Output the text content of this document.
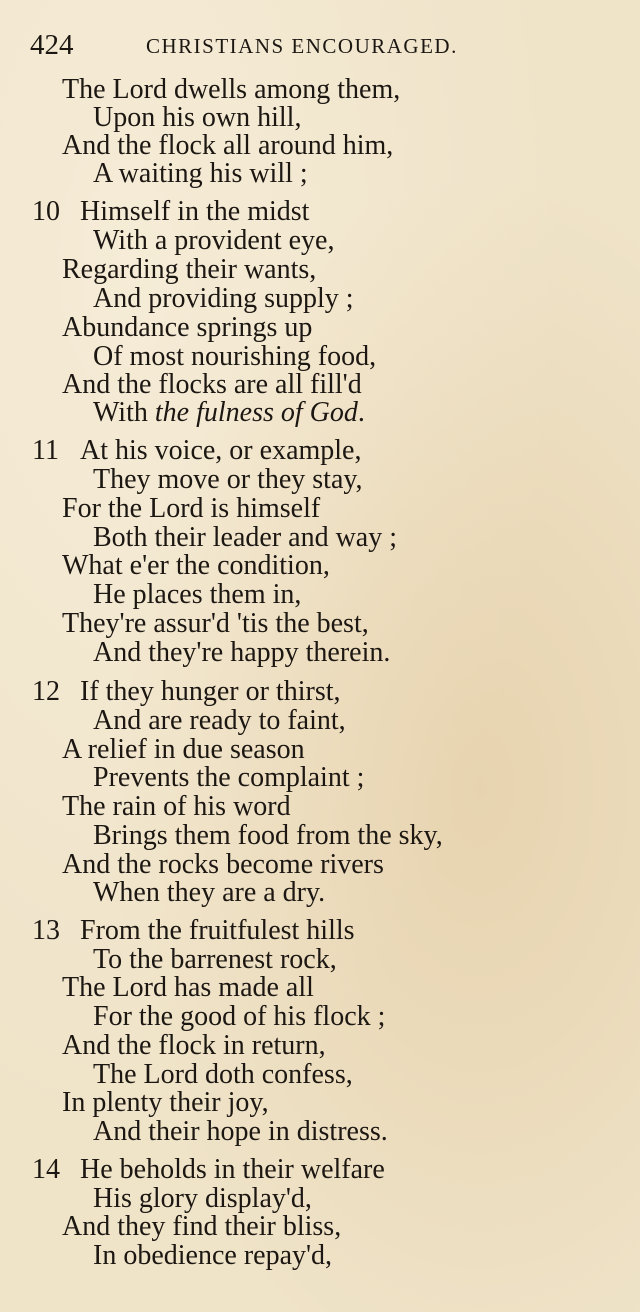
424	CHRISTIANS ENCOURAGED.
The Lord dwells among them,
Upon his own hill,
And the flock all around him,
A waiting his will ;
10 Himself in the midst
With a provident eye,
Regarding their wants,
And providing supply ;
Abundance springs up
Of most nourishing food,
And the flocks are all fill'd
With the fulness of God.
11 At his voice, or example,
They move or they stay,
For the Lord is himself
Both their leader and way ;
What e'er the condition,
He places them in,
They're assur'd 'tis the best,
And they're happy therein.
12 If they hunger or thirst,
And are ready to faint,
A relief in due season
Prevents the complaint ;
The rain of his word
Brings them food from the sky,
And the rocks become rivers
When they are a dry.
13 From the fruitfulest hills
To the barrenest rock,
The Lord has made all
For the good of his flock ;
And the flock in return,
The Lord doth confess,
In plenty their joy,
And their hope in distress.
14 He beholds in their welfare
His glory display'd,
And they find their bliss,
In obedience repay'd,
